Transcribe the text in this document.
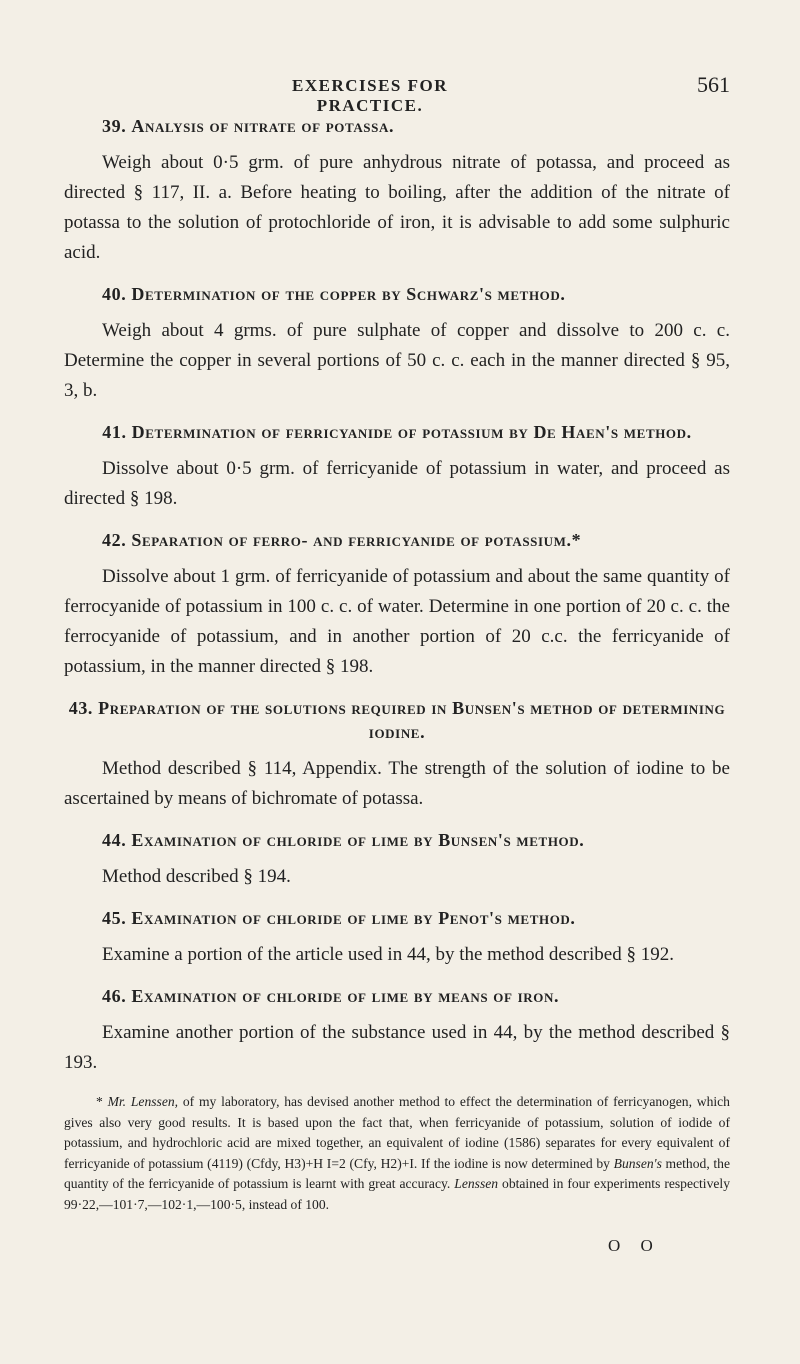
EXERCISES FOR PRACTICE.
561
39. Analysis of nitrate of potassa.

Weigh about 0·5 grm. of pure anhydrous nitrate of potassa, and proceed as directed § 117, II. a. Before heating to boiling, after the addition of the nitrate of potassa to the solution of protochloride of iron, it is advisable to add some sulphuric acid.

40. Determination of the copper by Schwarz's method.

Weigh about 4 grms. of pure sulphate of copper and dissolve to 200 c. c. Determine the copper in several portions of 50 c. c. each in the manner directed § 95, 3, b.

41. Determination of ferricyanide of potassium by De Haen's method.

Dissolve about 0·5 grm. of ferricyanide of potassium in water, and proceed as directed § 198.

42. Separation of ferro- and ferricyanide of potassium.*

Dissolve about 1 grm. of ferricyanide of potassium and about the same quantity of ferrocyanide of potassium in 100 c. c. of water. Determine in one portion of 20 c. c. the ferrocyanide of potassium, and in another portion of 20 c.c. the ferricyanide of potassium, in the manner directed § 198.

43. Preparation of the solutions required in Bunsen's method of determining iodine.

Method described § 114, Appendix. The strength of the solution of iodine to be ascertained by means of bichromate of potassa.

44. Examination of chloride of lime by Bunsen's method.

Method described § 194.

45. Examination of chloride of lime by Penot's method.

Examine a portion of the article used in 44, by the method described § 192.

46. Examination of chloride of lime by means of iron.

Examine another portion of the substance used in 44, by the method described § 193.

* Mr. Lenssen, of my laboratory, has devised another method to effect the determination of ferricyanogen, which gives also very good results. It is based upon the fact that, when ferricyanide of potassium, solution of iodide of potassium, and hydrochloric acid are mixed together, an equivalent of iodine (1586) separates for every equivalent of ferricyanide of potassium (4119) (Cfdy, H3)+H I=2 (Cfy, H2)+I. If the iodine is now determined by Bunsen's method, the quantity of the ferricyanide of potassium is learnt with great accuracy. Lenssen obtained in four experiments respectively 99·22,—101·7,—102·1,—100·5, instead of 100.
O O
